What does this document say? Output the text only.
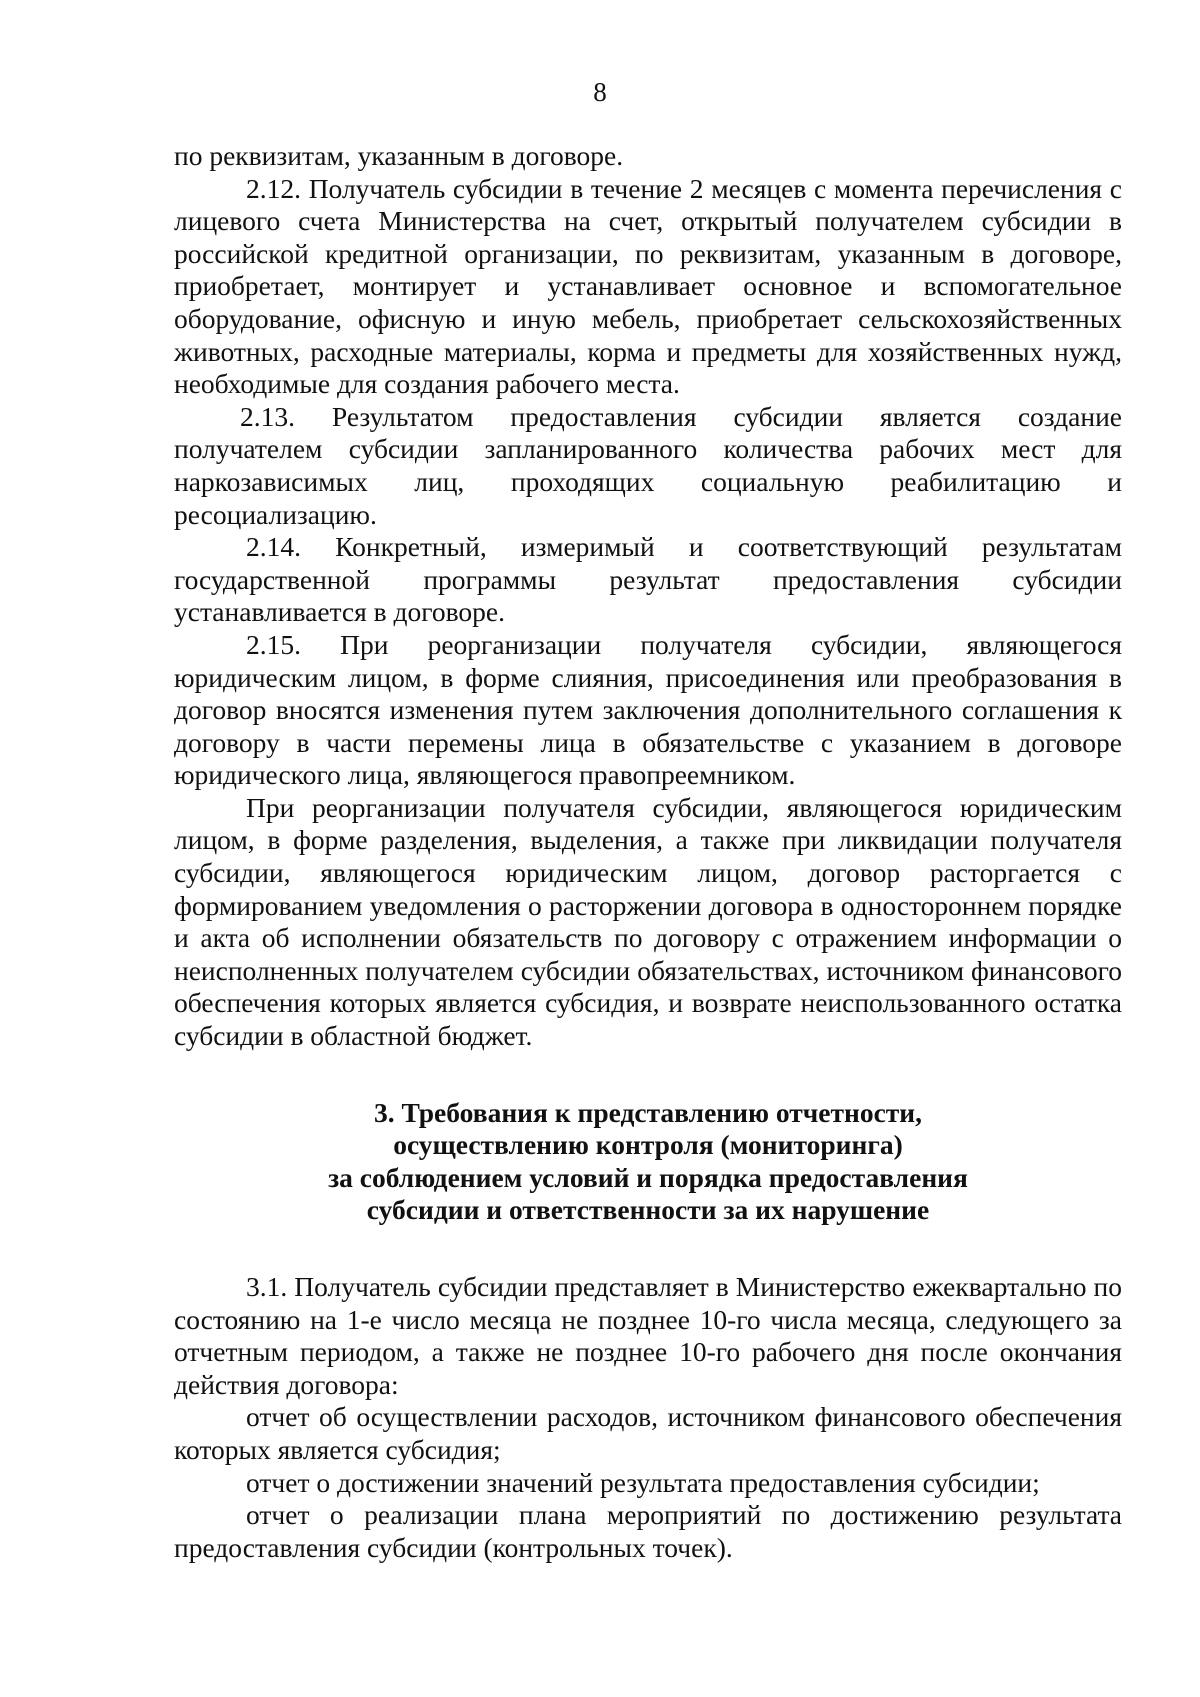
8

по реквизитам, указанным в договоре.

2.12. Получатель субсидии в течение 2 месяцев с момента перечисления с лицевого счета Министерства на счет, открытый получателем субсидии в российской кредитной организации, по реквизитам, указанным в договоре, приобретает, монтирует и устанавливает основное и вспомогательное оборудование, офисную и иную мебель, приобретает сельскохозяйственных животных, расходные материалы, корма и предметы для хозяйственных нужд, необходимые для создания рабочего места.

2.13. Результатом предоставления субсидии является создание получателем субсидии запланированного количества рабочих мест для наркозависимых лиц, проходящих социальную реабилитацию и ресоциализацию.

2.14. Конкретный, измеримый и соответствующий результатам государственной программы результат предоставления субсидии устанавливается в договоре.

2.15. При реорганизации получателя субсидии, являющегося юридическим лицом, в форме слияния, присоединения или преобразования в договор вносятся изменения путем заключения дополнительного соглашения к договору в части перемены лица в обязательстве с указанием в договоре юридического лица, являющегося правопреемником.

При реорганизации получателя субсидии, являющегося юридическим лицом, в форме разделения, выделения, а также при ликвидации получателя субсидии, являющегося юридическим лицом, договор расторгается с формированием уведомления о расторжении договора в одностороннем порядке и акта об исполнении обязательств по договору с отражением информации о неисполненных получателем субсидии обязательствах, источником финансового обеспечения которых является субсидия, и возврате неиспользованного остатка субсидии в областной бюджет.

3. Требования к представлению отчетности,
осуществлению контроля (мониторинга)
за соблюдением условий и порядка предоставления
субсидии и ответственности за их нарушение

3.1. Получатель субсидии представляет в Министерство ежеквартально по состоянию на 1-е число месяца не позднее 10-го числа месяца, следующего за отчетным периодом, а также не позднее 10-го рабочего дня после окончания действия договора:

отчет об осуществлении расходов, источником финансового обеспечения которых является субсидия;

отчет о достижении значений результата предоставления субсидии;

отчет о реализации плана мероприятий по достижению результата предоставления субсидии (контрольных точек).
